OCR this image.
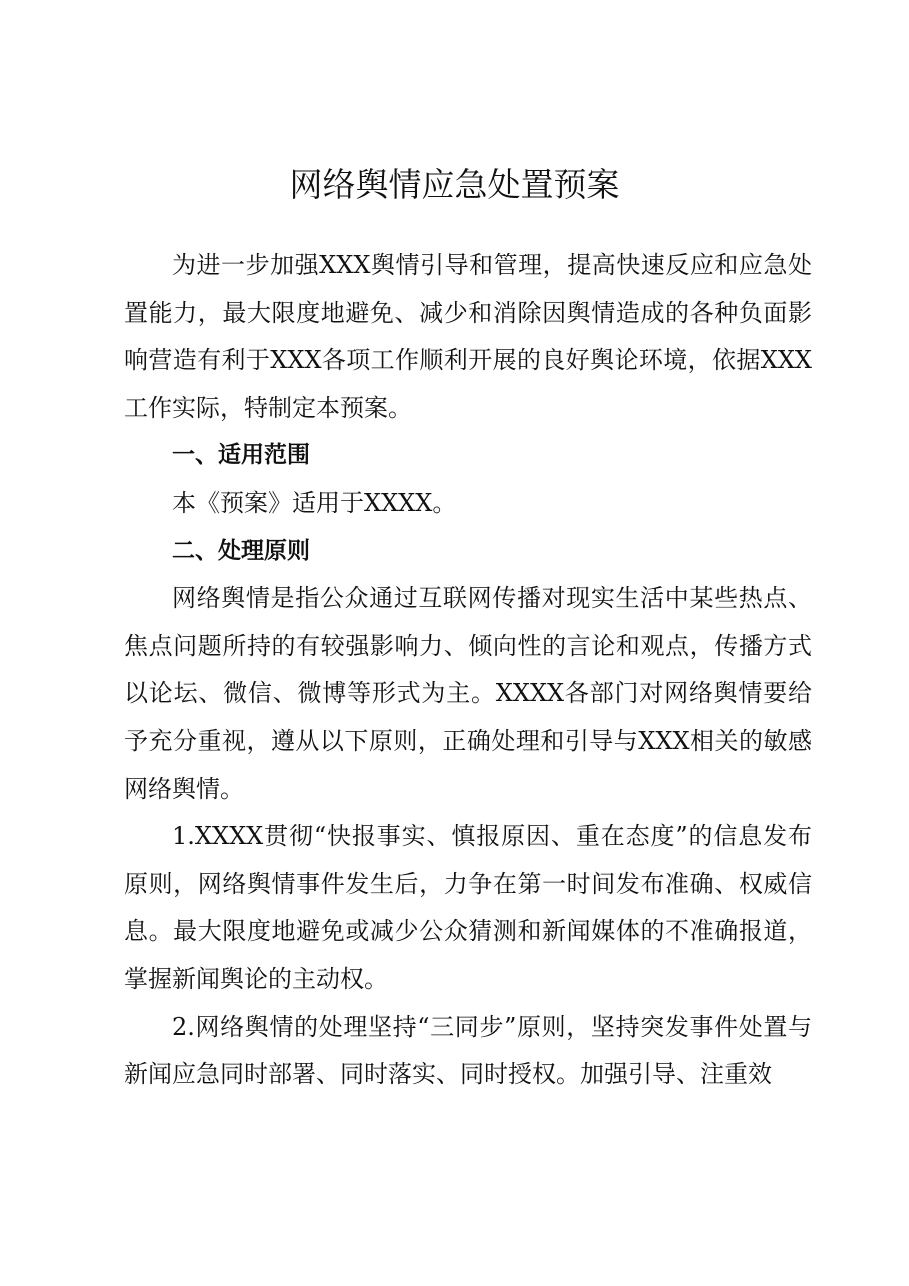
网络舆情应急处置预案

为进一步加强XXX舆情引导和管理，提高快速反应和应急处置能力，最大限度地避免、减少和消除因舆情造成的各种负面影响营造有利于XXX各项工作顺利开展的良好舆论环境，依据XXX工作实际，特制定本预案。

一、适用范围

本《预案》适用于XXXX。

二、处理原则

网络舆情是指公众通过互联网传播对现实生活中某些热点、焦点问题所持的有较强影响力、倾向性的言论和观点，传播方式以论坛、微信、微博等形式为主。XXXX各部门对网络舆情要给予充分重视，遵从以下原则，正确处理和引导与XXX相关的敏感网络舆情。

1.XXXX贯彻“快报事实、慎报原因、重在态度”的信息发布原则，网络舆情事件发生后，力争在第一时间发布准确、权威信息。最大限度地避免或减少公众猜测和新闻媒体的不准确报道，掌握新闻舆论的主动权。

2.网络舆情的处理坚持“三同步”原则，坚持突发事件处置与新闻应急同时部署、同时落实、同时授权。加强引导、注重效
